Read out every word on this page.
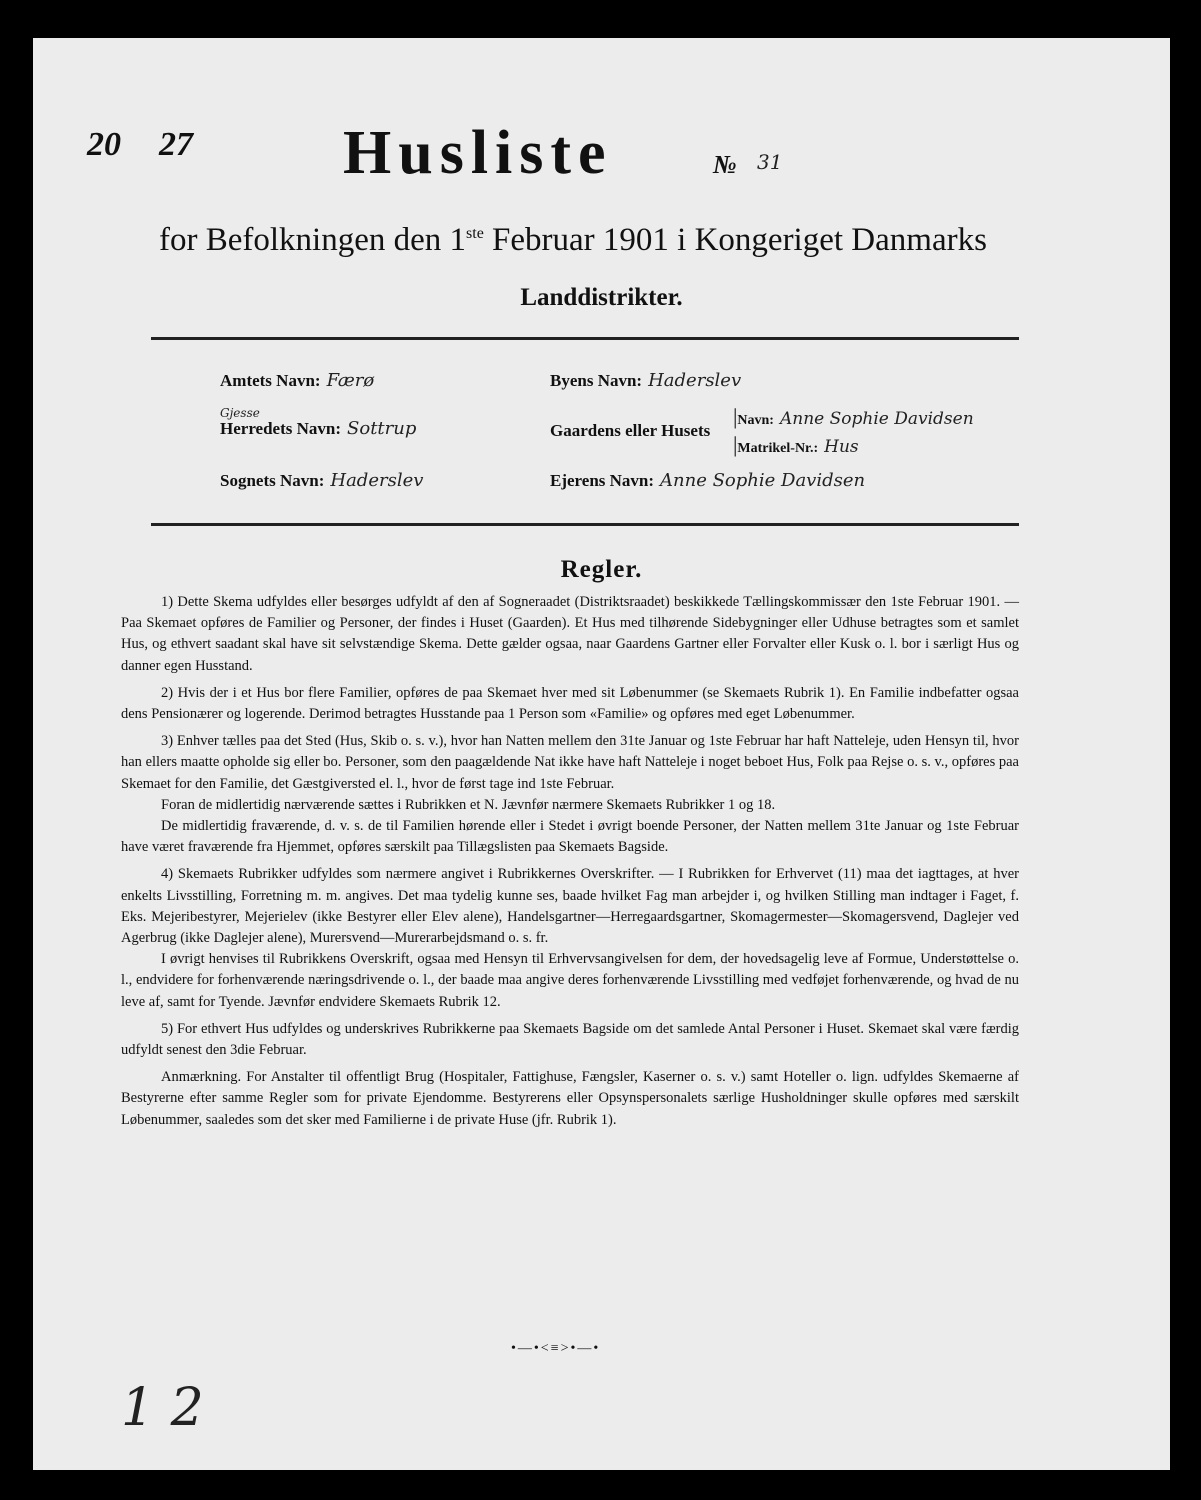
20 27 Husliste	№ 31
for Befolkningen den 1ste Februar 1901 i Kongeriget Danmarks
Landdistrikter.
Amtets Navn: Færø
Gjesse
Herredets Navn: Sottrup
Sognets Navn: Haderslev
Byens Navn: Haderslev
Gaardens eller Husets
|Navn: Anne Sophie Davidsen
|Matrikel-Nr.: Hus
Ejerens Navn: Anne Sophie Davidsen
Regler.

1) Dette Skema udfyldes eller besørges udfyldt af den af Sogneraadet (Distriktsraadet) beskikkede Tællingskommissær den 1ste Februar 1901. — Paa Skemaet opføres de Familier og Personer, der findes i Huset (Gaarden). Et Hus med tilhørende Sidebygninger eller Udhuse betragtes som et samlet Hus, og ethvert saadant skal have sit selvstændige Skema. Dette gælder ogsaa, naar Gaardens Gartner eller Forvalter eller Kusk o. l. bor i særligt Hus og danner egen Husstand.

2) Hvis der i et Hus bor flere Familier, opføres de paa Skemaet hver med sit Løbenummer (se Skemaets Rubrik 1). En Familie indbefatter ogsaa dens Pensionærer og logerende. Derimod betragtes Husstande paa 1 Person som «Familie» og opføres med eget Løbenummer.

3) Enhver tælles paa det Sted (Hus, Skib o. s. v.), hvor han Natten mellem den 31te Januar og 1ste Februar har haft Natteleje, uden Hensyn til, hvor han ellers maatte opholde sig eller bo. Personer, som den paagældende Nat ikke have haft Natteleje i noget beboet Hus, Folk paa Rejse o. s. v., opføres paa Skemaet for den Familie, det Gæstgiversted el. l., hvor de først tage ind 1ste Februar.

Foran de midlertidig nærværende sættes i Rubrikken et N. Jævnfør nærmere Skemaets Rubrikker 1 og 18.

De midlertidig fraværende, d. v. s. de til Familien hørende eller i Stedet i øvrigt boende Personer, der Natten mellem 31te Januar og 1ste Februar have været fraværende fra Hjemmet, opføres særskilt paa Tillægslisten paa Skemaets Bagside.

4) Skemaets Rubrikker udfyldes som nærmere angivet i Rubrikkernes Overskrifter. — I Rubrikken for Erhvervet (11) maa det iagttages, at hver enkelts Livsstilling, Forretning m. m. angives. Det maa tydelig kunne ses, baade hvilket Fag man arbejder i, og hvilken Stilling man indtager i Faget, f. Eks. Mejeribestyrer, Mejerielev (ikke Bestyrer eller Elev alene), Handelsgartner—Herregaardsgartner, Skomagermester—Skomagersvend, Daglejer ved Agerbrug (ikke Daglejer alene), Murersvend—Murerarbejdsmand o. s. fr.

I øvrigt henvises til Rubrikkens Overskrift, ogsaa med Hensyn til Erhvervsangivelsen for dem, der hovedsagelig leve af Formue, Understøttelse o. l., endvidere for forhenværende næringsdrivende o. l., der baade maa angive deres forhenværende Livsstilling med vedføjet forhenværende, og hvad de nu leve af, samt for Tyende. Jævnfør endvidere Skemaets Rubrik 12.

5) For ethvert Hus udfyldes og underskrives Rubrikkerne paa Skemaets Bagside om det samlede Antal Personer i Huset. Skemaet skal være færdig udfyldt senest den 3die Februar.

Anmærkning. For Anstalter til offentligt Brug (Hospitaler, Fattighuse, Fængsler, Kaserner o. s. v.) samt Hoteller o. lign. udfyldes Skemaerne af Bestyrerne efter samme Regler som for private Ejendomme. Bestyrerens eller Opsynspersonalets særlige Husholdninger skulle opføres med særskilt Løbenummer, saaledes som det sker med Familierne i de private Huse (jfr. Rubrik 1).

•—•<≡>•—•
1 2
